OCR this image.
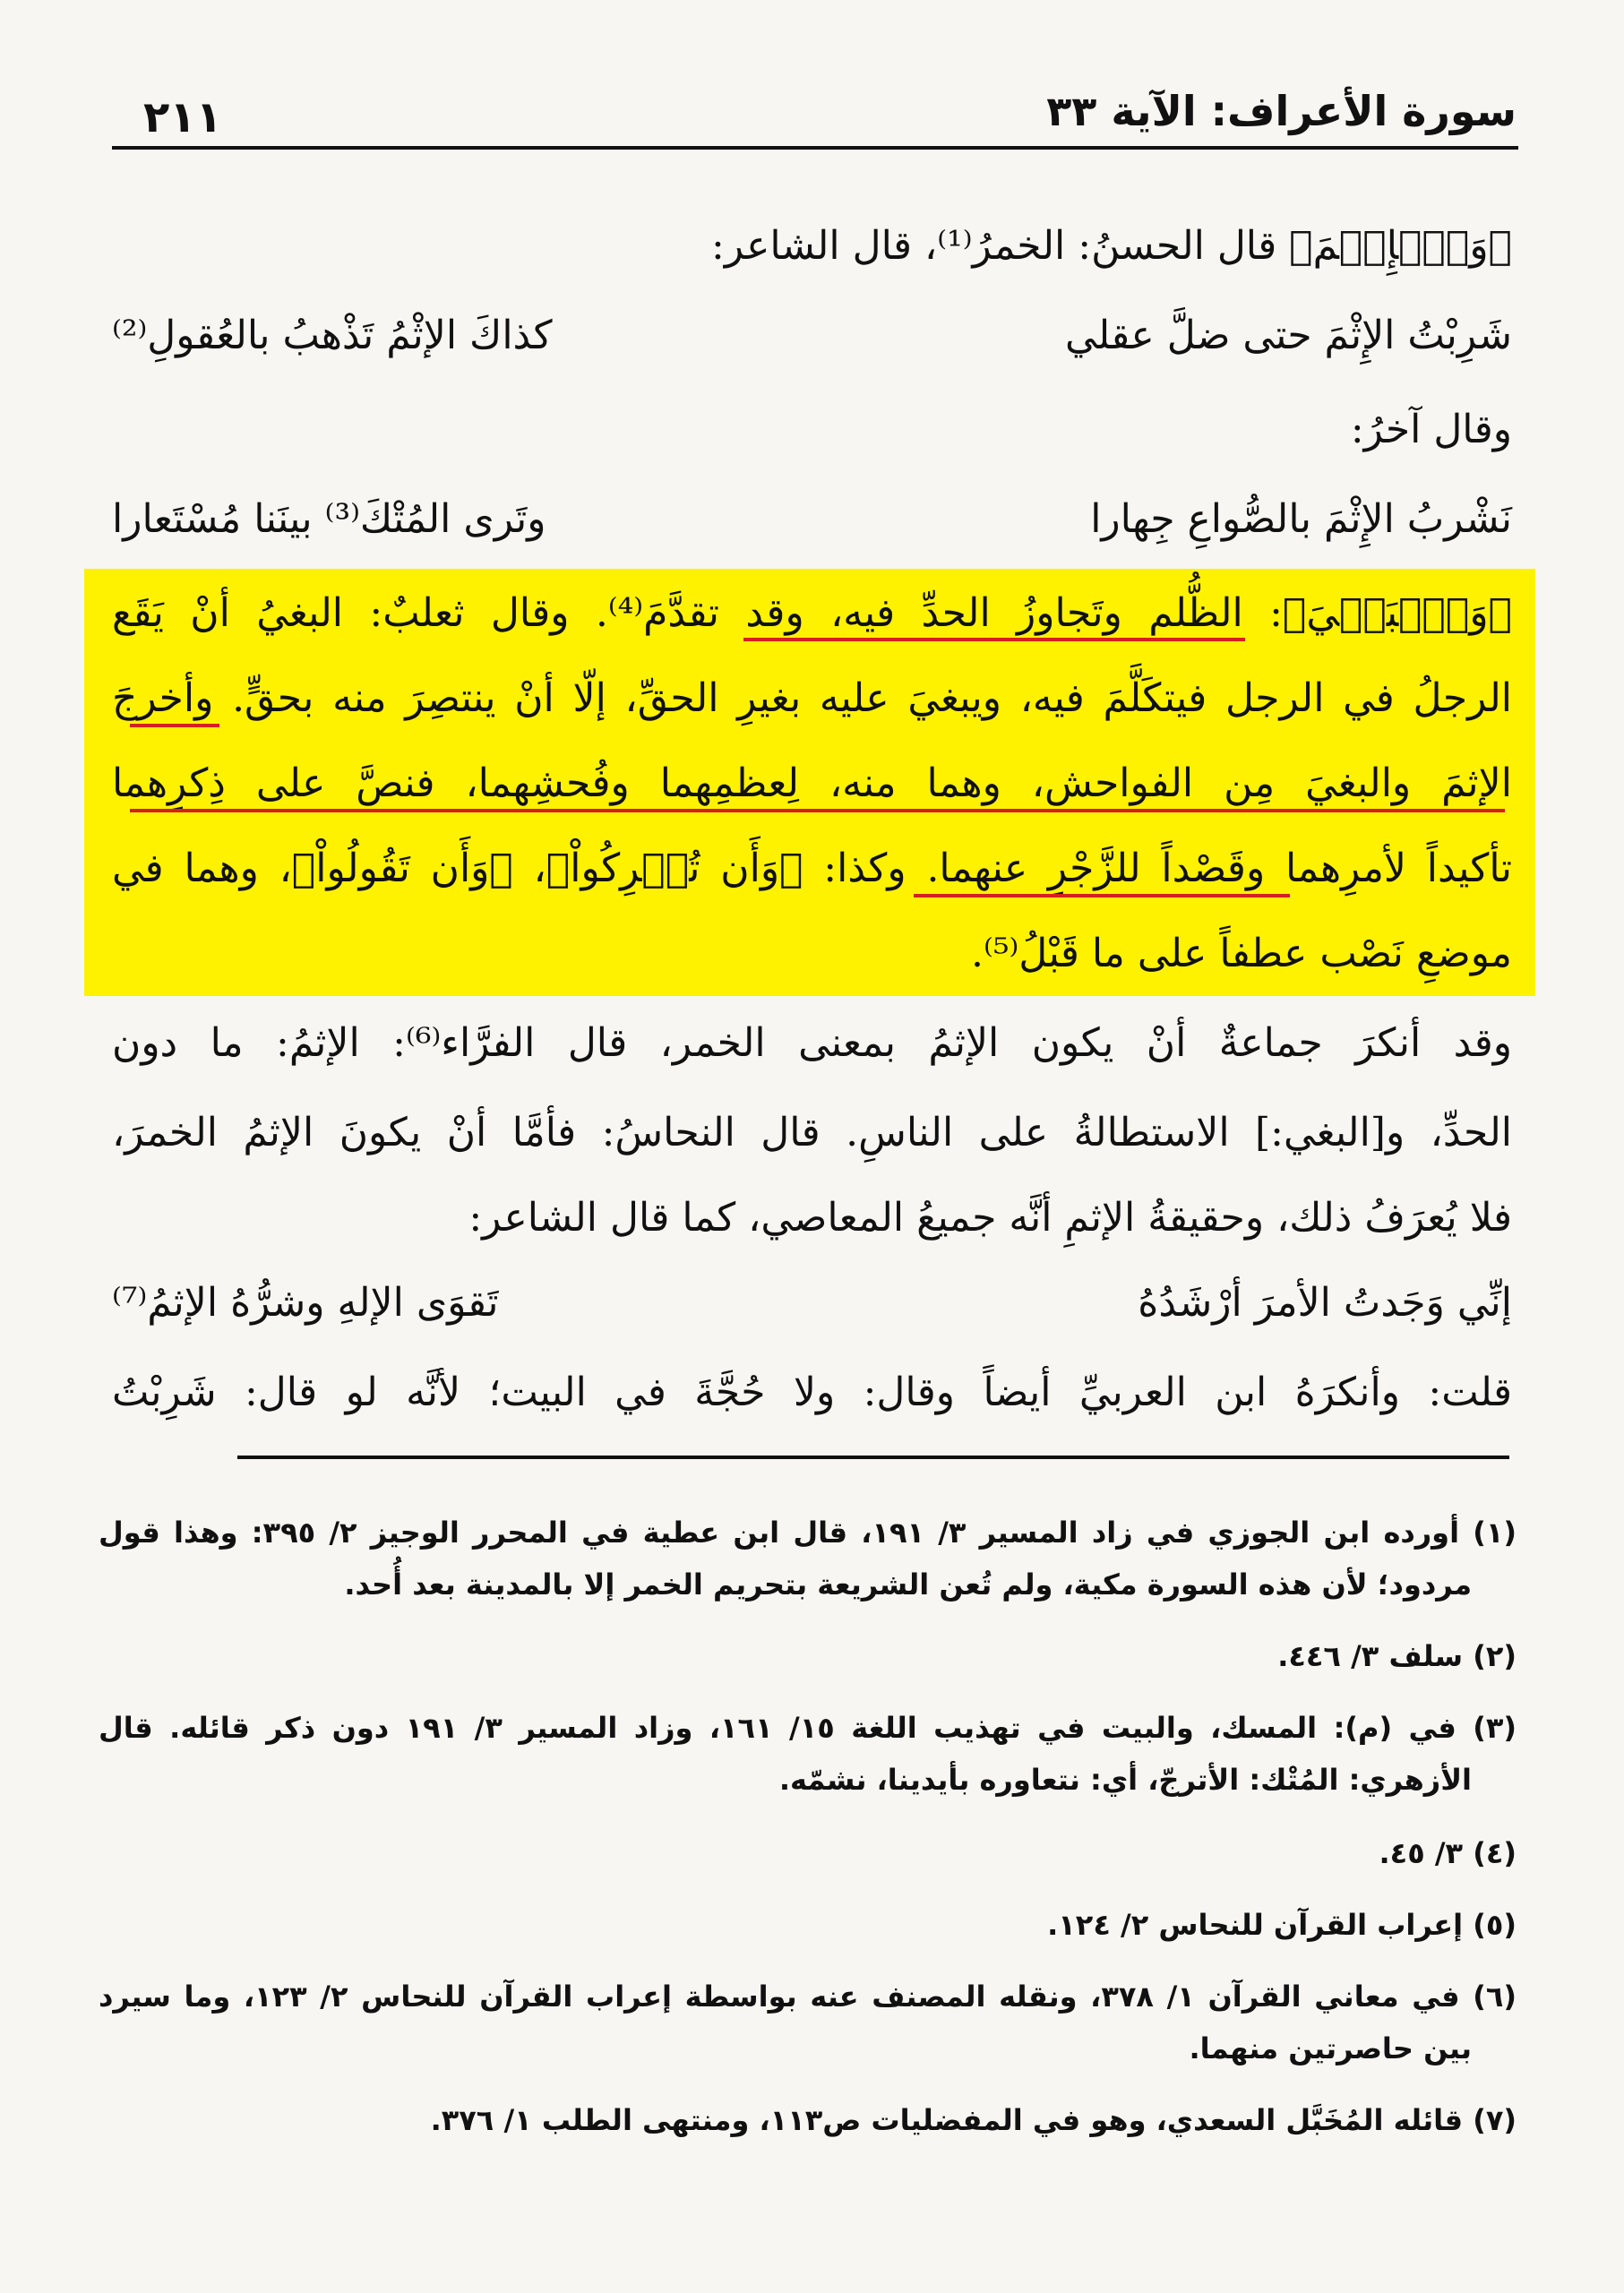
٢١١	سورة الأعراف: الآية ٣٣
﴿وَٱلۡإِثۡمَ﴾ قال الحسنُ: الخمرُ⁽¹⁾، قال الشاعر:
شَرِبْتُ الإِثْمَ حتى ضلَّ عقلي
كذاكَ الإثْمُ تَذْهبُ بالعُقولِ⁽²⁾
وقال آخرُ:
نَشْربُ الإِثْمَ بالصُّواعِ جِهارا
وتَرى المُتْكَ⁽³⁾ بينَنا مُسْتَعارا
﴿وَٱلۡبَغۡيَ﴾: الظُّلم وتَجاوزُ الحدِّ فيه، وقد تقدَّمَ⁽⁴⁾. وقال ثعلبٌ: البغيُ أنْ يَقَع
الرجلُ في الرجل فيتكَلَّمَ فيه، ويبغيَ عليه بغيرِ الحقِّ، إلّا أنْ ينتصِرَ منه بحقٍّ. وأخرجَ
الإثمَ والبغيَ مِن الفواحش، وهما منه، لِعظمِهما وفُحشِهما، فنصَّ على ذِكرِهما
تأكيداً لأمرِهما وقَصْداً للزَّجْرِ عنهما. وكذا: ﴿وَأَن تُشۡرِكُواْ﴾، ﴿وَأَن تَقُولُواْ﴾، وهما في
موضعِ نَصْب عطفاً على ما قَبْلُ⁽⁵⁾.
وقد أنكرَ جماعةٌ أنْ يكون الإثمُ بمعنى الخمر، قال الفرَّاء⁽⁶⁾: الإثمُ: ما دون
الحدِّ، و[البغي:] الاستطالةُ على الناسِ. قال النحاسُ: فأمَّا أنْ يكونَ الإثمُ الخمرَ،
فلا يُعرَفُ ذلك، وحقيقةُ الإثمِ أنَّه جميعُ المعاصي، كما قال الشاعر:
إنِّي وَجَدتُ الأمرَ أرْشَدُهُ
تَقوَى الإلهِ وشرُّهُ الإثمُ⁽⁷⁾
قلت: وأنكرَهُ ابن العربيِّ أيضاً وقال: ولا حُجَّةَ في البيت؛ لأنَّه لو قال: شَرِبْتُ
(١) أورده ابن الجوزي في زاد المسير ٣/ ١٩١، قال ابن عطية في المحرر الوجيز ٢/ ٣٩٥: وهذا قول
مردود؛ لأن هذه السورة مكية، ولم تُعن الشريعة بتحريم الخمر إلا بالمدينة بعد أُحد.
(٢) سلف ٣/ ٤٤٦.
(٣) في (م): المسك، والبيت في تهذيب اللغة ١٥/ ١٦١، وزاد المسير ٣/ ١٩١ دون ذكر قائله. قال
الأزهري: المُتْك: الأترجّ، أي: نتعاوره بأيدينا، نشمّه.
(٤) ٣/ ٤٥.
(٥) إعراب القرآن للنحاس ٢/ ١٢٤.
(٦) في معاني القرآن ١/ ٣٧٨، ونقله المصنف عنه بواسطة إعراب القرآن للنحاس ٢/ ١٢٣، وما سيرد
بين حاصرتين منهما.
(٧) قائله المُخَبَّل السعدي، وهو في المفضليات ص١١٣، ومنتهى الطلب ١/ ٣٧٦.
